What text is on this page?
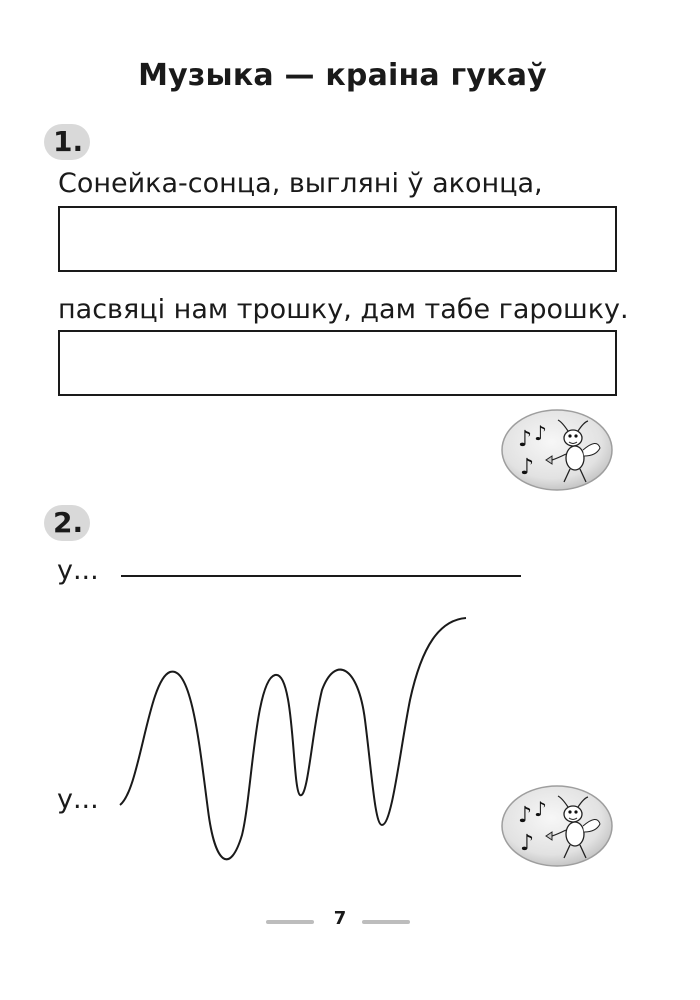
Музыка — краіна гукаў
1.
Сонейка-сонца, выгляні ў аконца,
пасвяці нам трошку, дам табе гарошку.
♪ ♪
♪
2.
у...
у...
♪ ♪
♪
7
